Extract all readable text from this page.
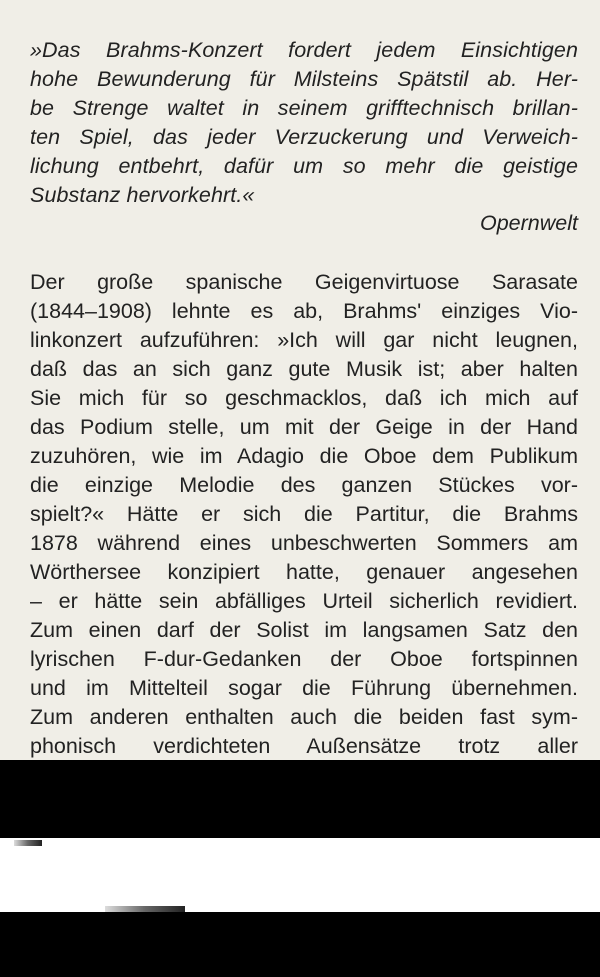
»Das Brahms-Konzert fordert jedem Einsichtigen
hohe Bewunderung für Milsteins Spätstil ab. Her-
be Strenge waltet in seinem grifftechnisch brillan-
ten Spiel, das jeder Verzuckerung und Verweich-
lichung entbehrt, dafür um so mehr die geistige
Substanz hervorkehrt.«
Opernwelt
Der große spanische Geigenvirtuose Sarasate
(1844–1908) lehnte es ab, Brahms' einziges Vio-
linkonzert aufzuführen: »Ich will gar nicht leugnen,
daß das an sich ganz gute Musik ist; aber halten
Sie mich für so geschmacklos, daß ich mich auf
das Podium stelle, um mit der Geige in der Hand
zuzuhören, wie im Adagio die Oboe dem Publikum
die einzige Melodie des ganzen Stückes vor-
spielt?« Hätte er sich die Partitur, die Brahms
1878 während eines unbeschwerten Sommers am
Wörthersee konzipiert hatte, genauer angesehen
– er hätte sein abfälliges Urteil sicherlich revidiert.
Zum einen darf der Solist im langsamen Satz den
lyrischen F-dur-Gedanken der Oboe fortspinnen
und im Mittelteil sogar die Führung übernehmen.
Zum anderen enthalten auch die beiden fast sym-
phonisch verdichteten Außensätze trotz aller
